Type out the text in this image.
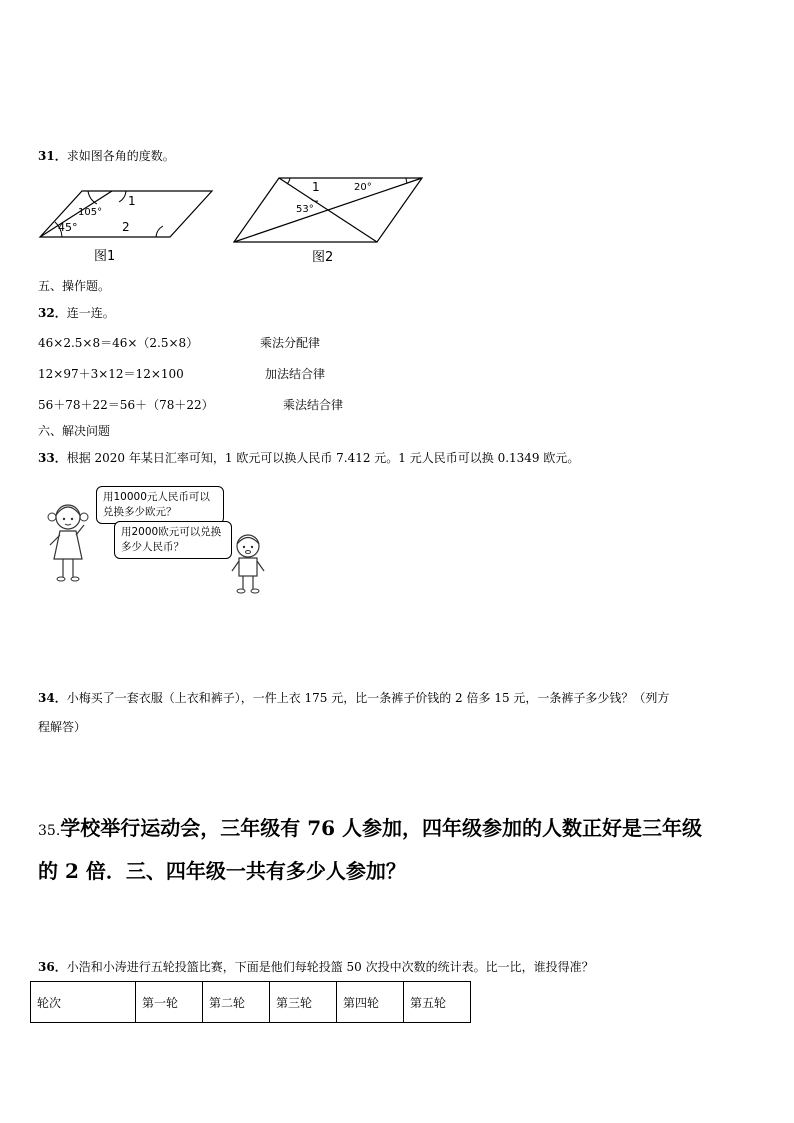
31．求如图各角的度数。
105°
45°
1
2
图1
1	20°
53°
图2
五、操作题。
32．连一连。
46×2.5×8＝46×（2.5×8）	乘法分配律
12×97＋3×12＝12×100	加法结合律
56＋78＋22＝56＋（78＋22）	乘法结合律
六、解决问题
33．根据 2020 年某日汇率可知，1 欧元可以换人民币 7.412 元。1 元人民币可以换 0.1349 欧元。
用10000元人民币可以兑换多少欧元？
用2000欧元可以兑换多少人民币？
34．小梅买了一套衣服（上衣和裤子），一件上衣 175 元，比一条裤子价钱的 2 倍多 15 元，一条裤子多少钱？（列方
程解答）
35.学校举行运动会，三年级有 76 人参加，四年级参加的人数正好是三年级
的 2 倍．三、四年级一共有多少人参加？
36．小浩和小涛进行五轮投篮比赛，下面是他们每轮投篮 50 次投中次数的统计表。比一比，谁投得准？
轮次	第一轮	第二轮	第三轮	第四轮	第五轮
